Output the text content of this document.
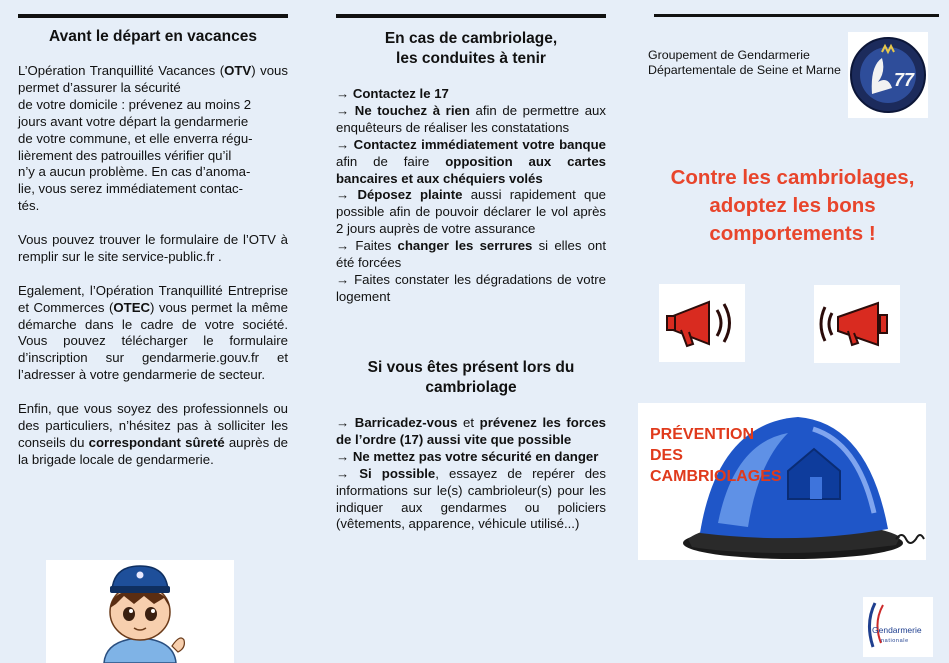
Avant le départ en vacances

L’Opération Tranquillité Vacances (OTV) vous permet d’assurer la sécurité
de votre domicile : prévenez au moins 2
jours avant votre départ la gendarmerie
de votre commune, et elle enverra régu-
lièrement des patrouilles vérifier qu’il
n’y a aucun problème. En cas d’anoma-
lie, vous serez immédiatement contac-
tés.

Vous pouvez trouver le formulaire de l’OTV à remplir sur le site service-public.fr .

Egalement, l’Opération Tranquillité Entreprise et Commerces (OTEC) vous permet la même démarche dans le cadre de votre société. Vous pouvez télécharger le formulaire d’inscription sur gendarmerie.gouv.fr et l’adresser à votre gendarmerie de secteur.

Enfin, que vous soyez des professionnels ou des particuliers, n’hésitez pas à solliciter les conseils du correspondant sûreté auprès de la brigade locale de gendarmerie.

En cas de cambriolage,
les conduites à tenir
→ Contactez le 17
→ Ne touchez à rien afin de permettre aux enquêteurs de réaliser les constatations
→ Contactez immédiatement votre banque afin de faire opposition aux cartes bancaires et aux chéquiers volés
→ Déposez plainte aussi rapidement que possible afin de pouvoir déclarer le vol après 2 jours auprès de votre assurance
→ Faites changer les serrures si elles ont été forcées
→ Faites constater les dégradations de votre logement
Si vous êtes présent lors du
cambriolage
→ Barricadez-vous et prévenez les forces de l’ordre (17) aussi vite que possible
→ Ne mettez pas votre sécurité en danger
→ Si possible, essayez de repérer des informations sur le(s) cambrioleur(s) pour les indiquer aux gendarmes ou policiers (vêtements, apparence, véhicule utilisé...)
Groupement de Gendarmerie Départementale de Seine et Marne	77
Contre les cambriolages,
adoptez les bons
comportements !
PRÉVENTION
DES
CAMBRIOLAGES
Gendarmerie
nationale
